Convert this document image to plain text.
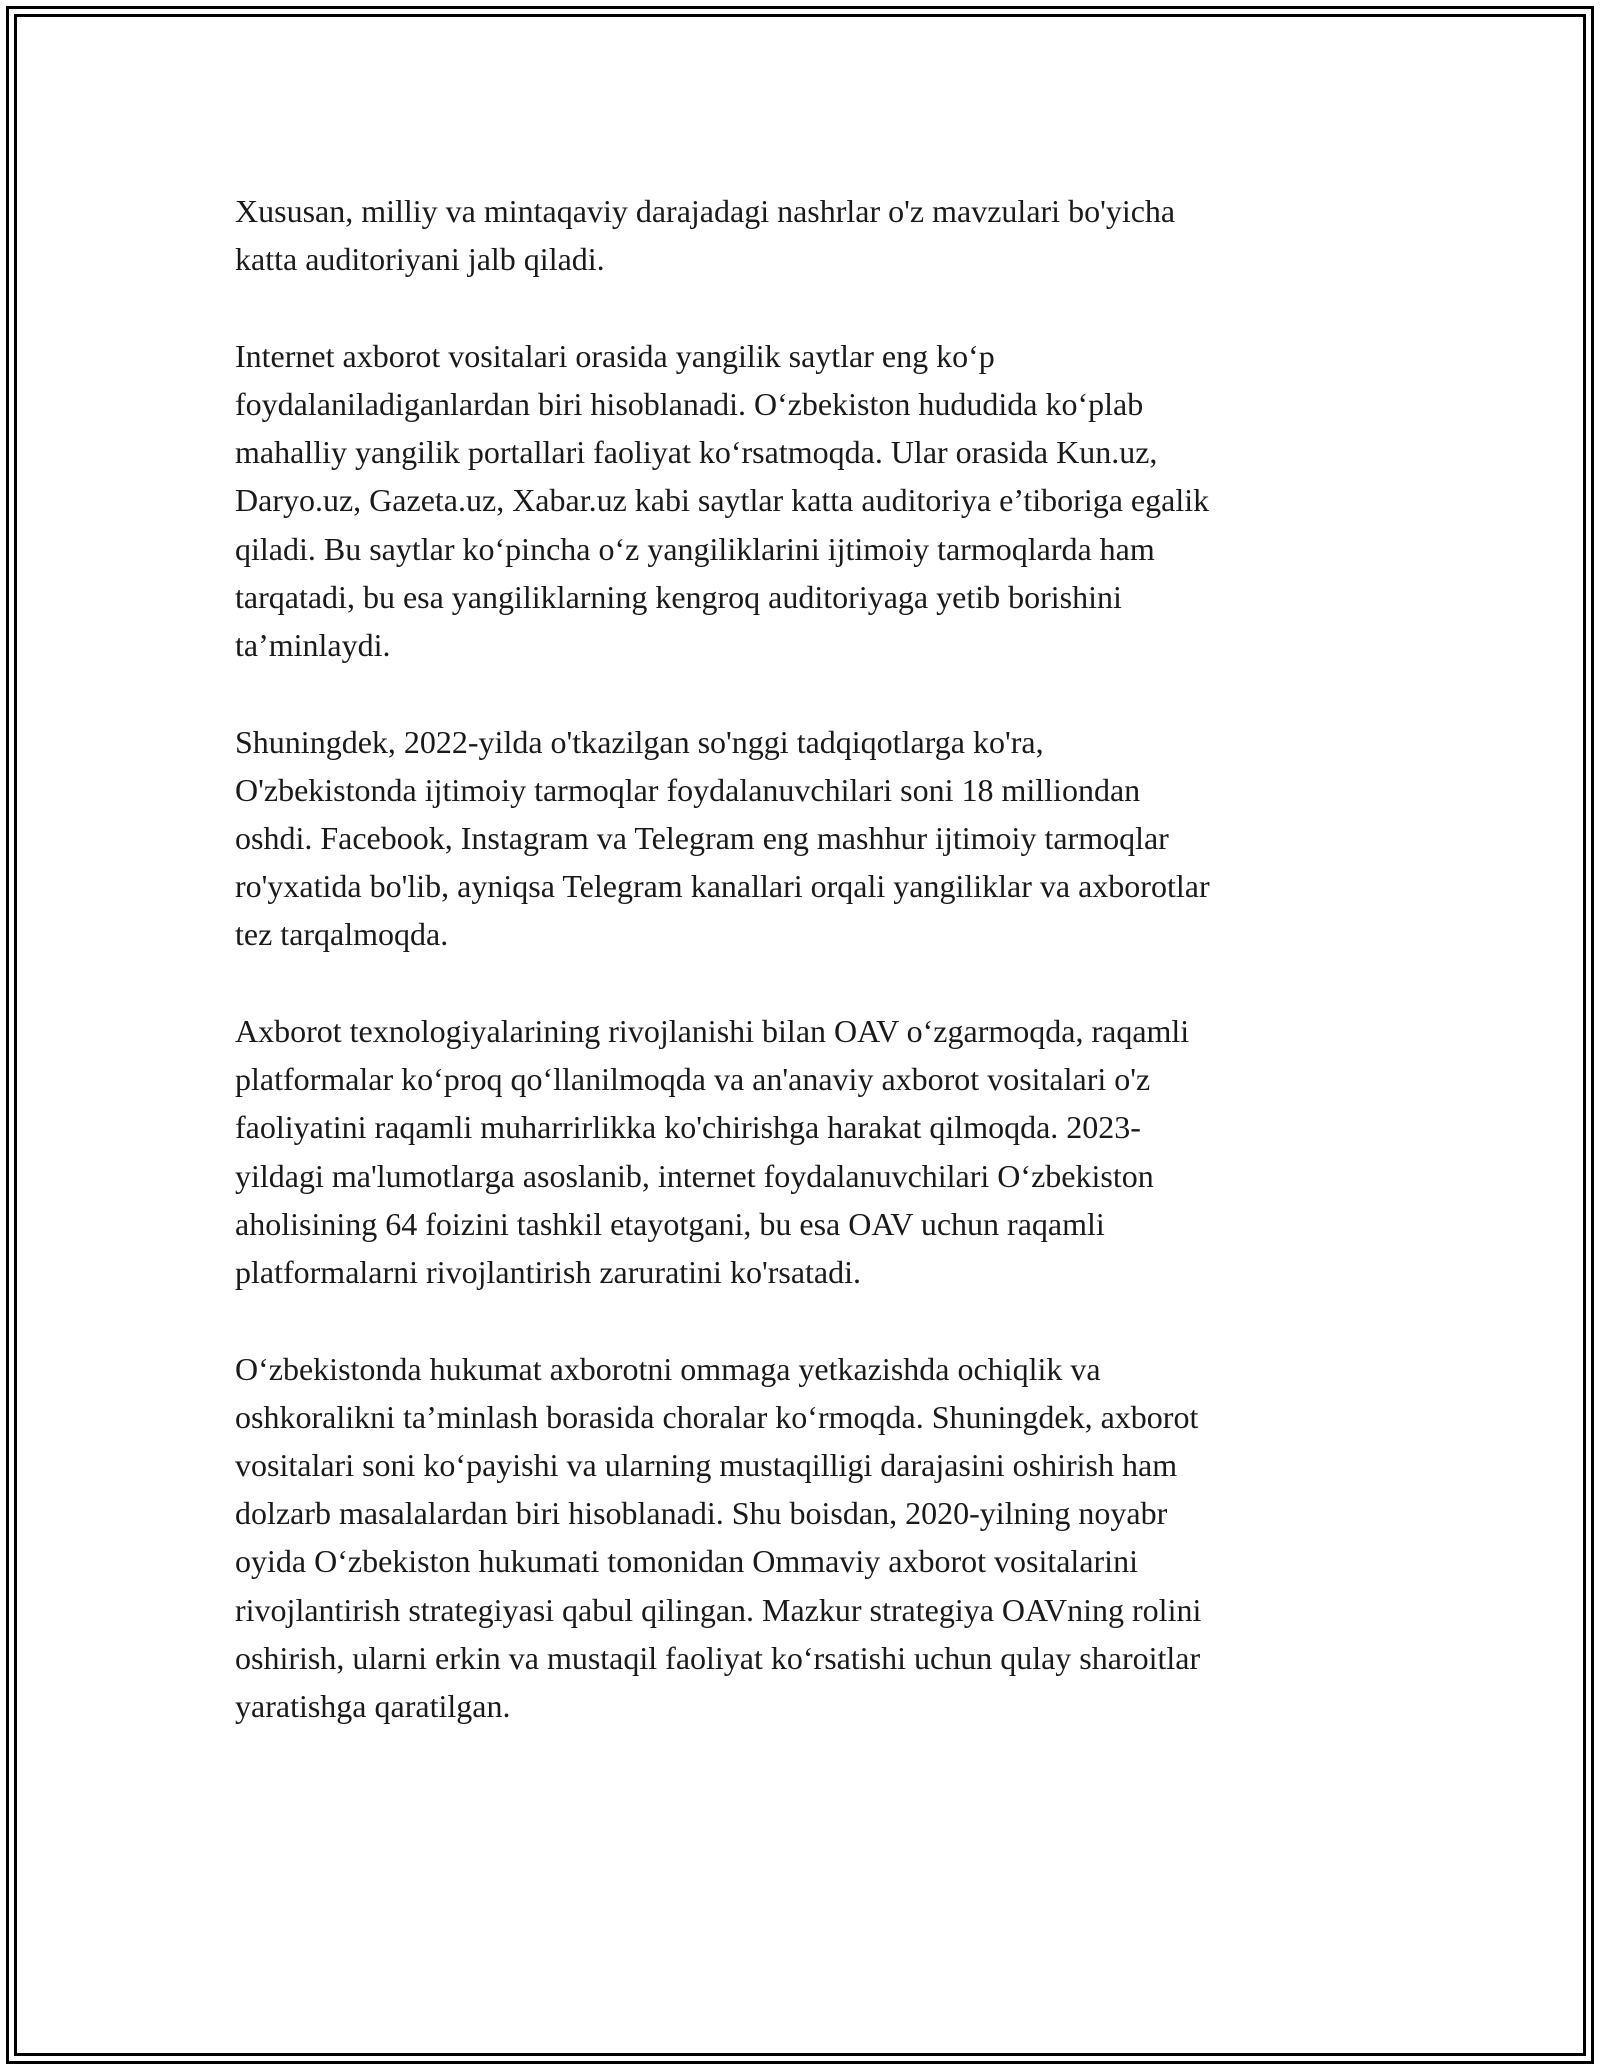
Xususan, milliy va mintaqaviy darajadagi nashrlar o'z mavzulari bo'yicha
katta auditoriyani jalb qiladi.

Internet axborot vositalari orasida yangilik saytlar eng koʻp
foydalaniladiganlardan biri hisoblanadi. Oʻzbekiston hududida koʻplab
mahalliy yangilik portallari faoliyat koʻrsatmoqda. Ular orasida Kun.uz,
Daryo.uz, Gazeta.uz, Xabar.uz kabi saytlar katta auditoriya e’tiboriga egalik
qiladi. Bu saytlar koʻpincha oʻz yangiliklarini ijtimoiy tarmoqlarda ham
tarqatadi, bu esa yangiliklarning kengroq auditoriyaga yetib borishini
ta’minlaydi.

Shuningdek, 2022-yilda o'tkazilgan so'nggi tadqiqotlarga ko'ra,
O'zbekistonda ijtimoiy tarmoqlar foydalanuvchilari soni 18 milliondan
oshdi. Facebook, Instagram va Telegram eng mashhur ijtimoiy tarmoqlar
ro'yxatida bo'lib, ayniqsa Telegram kanallari orqali yangiliklar va axborotlar
tez tarqalmoqda.

Axborot texnologiyalarining rivojlanishi bilan OAV oʻzgarmoqda, raqamli
platformalar koʻproq qoʻllanilmoqda va an'anaviy axborot vositalari o'z
faoliyatini raqamli muharrirlikka ko'chirishga harakat qilmoqda. 2023-
yildagi ma'lumotlarga asoslanib, internet foydalanuvchilari Oʻzbekiston
aholisining 64 foizini tashkil etayotgani, bu esa OAV uchun raqamli
platformalarni rivojlantirish zaruratini ko'rsatadi.

Oʻzbekistonda hukumat axborotni ommaga yetkazishda ochiqlik va
oshkoralikni ta’minlash borasida choralar koʻrmoqda. Shuningdek, axborot
vositalari soni koʻpayishi va ularning mustaqilligi darajasini oshirish ham
dolzarb masalalardan biri hisoblanadi. Shu boisdan, 2020-yilning noyabr
oyida Oʻzbekiston hukumati tomonidan Ommaviy axborot vositalarini
rivojlantirish strategiyasi qabul qilingan. Mazkur strategiya OAVning rolini
oshirish, ularni erkin va mustaqil faoliyat koʻrsatishi uchun qulay sharoitlar
yaratishga qaratilgan.
